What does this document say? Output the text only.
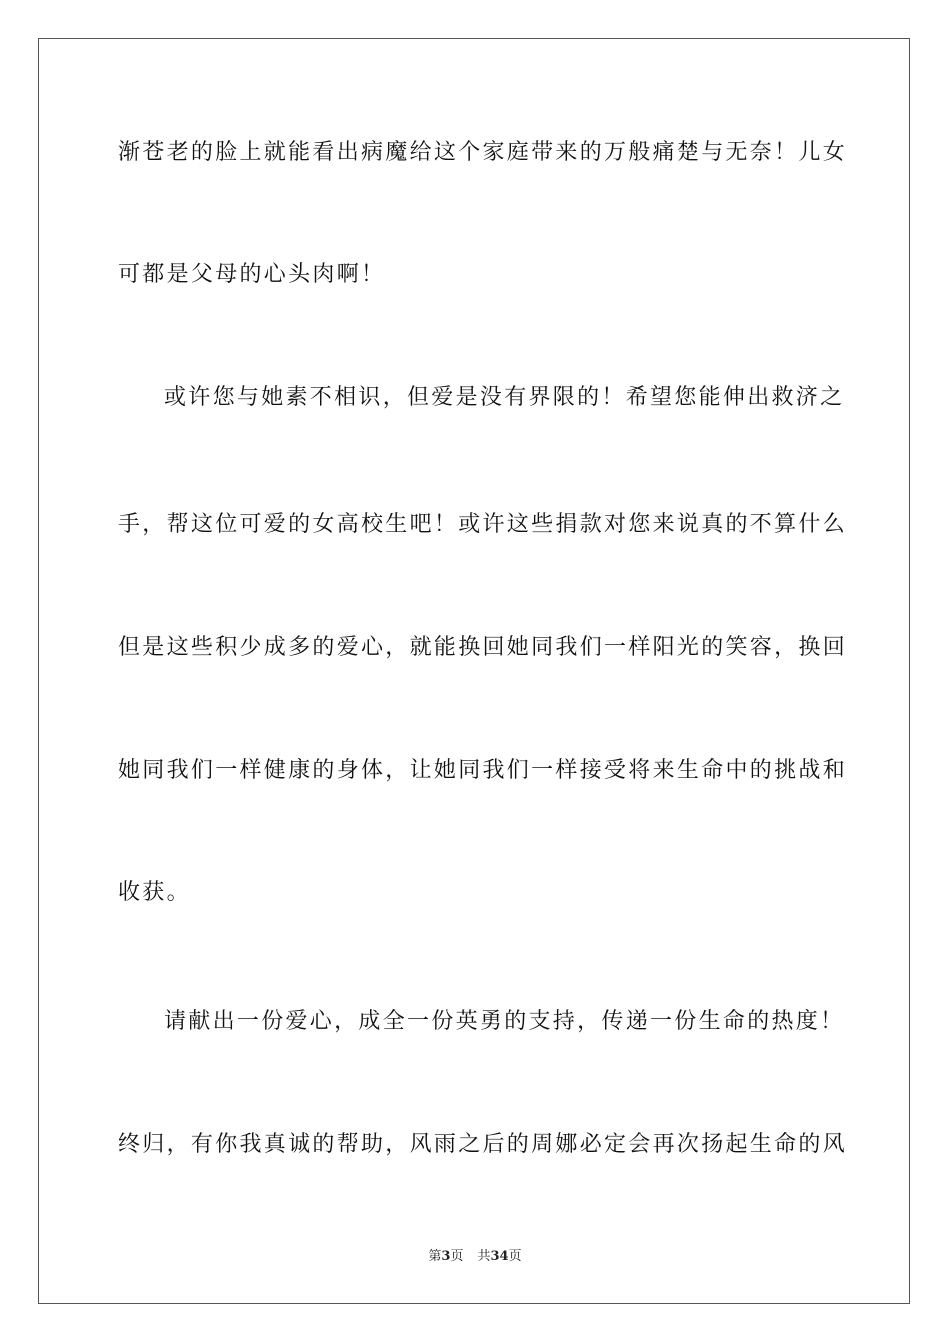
渐苍老的脸上就能看出病魔给这个家庭带来的万般痛楚与无奈！儿女
可都是父母的心头肉啊！
或许您与她素不相识，但爱是没有界限的！希望您能伸出救济之
手，帮这位可爱的女高校生吧！或许这些捐款对您来说真的不算什么
但是这些积少成多的爱心，就能换回她同我们一样阳光的笑容，换回
她同我们一样健康的身体，让她同我们一样接受将来生命中的挑战和
收获。
请献出一份爱心，成全一份英勇的支持，传递一份生命的热度！
终归，有你我真诚的帮助，风雨之后的周娜必定会再次扬起生命的风
第3页 共34页
